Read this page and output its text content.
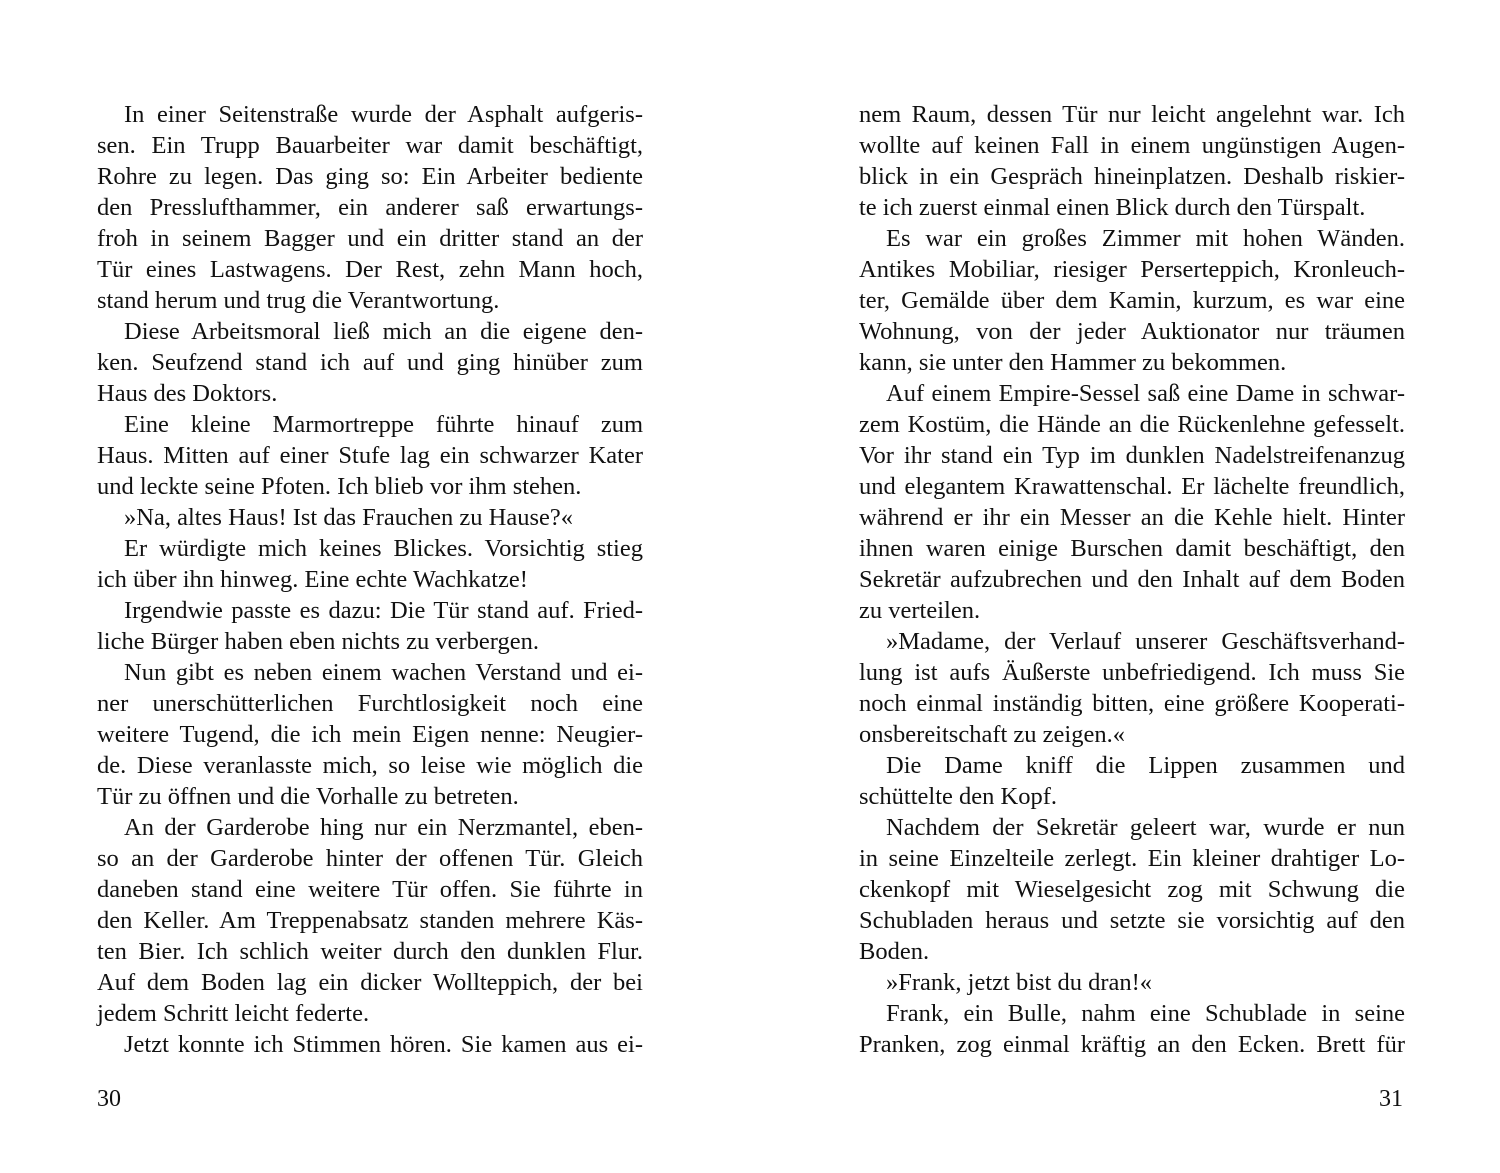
In einer Seitenstraße wurde der Asphalt aufgeris-
sen. Ein Trupp Bauarbeiter war damit beschäftigt,
Rohre zu legen. Das ging so: Ein Arbeiter bediente
den Presslufthammer, ein anderer saß erwartungs-
froh in seinem Bagger und ein dritter stand an der
Tür eines Lastwagens. Der Rest, zehn Mann hoch,
stand herum und trug die Verantwortung.
Diese Arbeitsmoral ließ mich an die eigene den-
ken. Seufzend stand ich auf und ging hinüber zum
Haus des Doktors.
Eine kleine Marmortreppe führte hinauf zum
Haus. Mitten auf einer Stufe lag ein schwarzer Kater
und leckte seine Pfoten. Ich blieb vor ihm stehen.
»Na, altes Haus! Ist das Frauchen zu Hause?«
Er würdigte mich keines Blickes. Vorsichtig stieg
ich über ihn hinweg. Eine echte Wachkatze!
Irgendwie passte es dazu: Die Tür stand auf. Fried-
liche Bürger haben eben nichts zu verbergen.
Nun gibt es neben einem wachen Verstand und ei-
ner unerschütterlichen Furchtlosigkeit noch eine
weitere Tugend, die ich mein Eigen nenne: Neugier-
de. Diese veranlasste mich, so leise wie möglich die
Tür zu öffnen und die Vorhalle zu betreten.
An der Garderobe hing nur ein Nerzmantel, eben-
so an der Garderobe hinter der offenen Tür. Gleich
daneben stand eine weitere Tür offen. Sie führte in
den Keller. Am Treppenabsatz standen mehrere Käs-
ten Bier. Ich schlich weiter durch den dunklen Flur.
Auf dem Boden lag ein dicker Wollteppich, der bei
jedem Schritt leicht federte.
Jetzt konnte ich Stimmen hören. Sie kamen aus ei-
30
nem Raum, dessen Tür nur leicht angelehnt war. Ich
wollte auf keinen Fall in einem ungünstigen Augen-
blick in ein Gespräch hineinplatzen. Deshalb riskier-
te ich zuerst einmal einen Blick durch den Türspalt.
Es war ein großes Zimmer mit hohen Wänden.
Antikes Mobiliar, riesiger Perserteppich, Kronleuch-
ter, Gemälde über dem Kamin, kurzum, es war eine
Wohnung, von der jeder Auktionator nur träumen
kann, sie unter den Hammer zu bekommen.
Auf einem Empire-Sessel saß eine Dame in schwar-
zem Kostüm, die Hände an die Rückenlehne gefesselt.
Vor ihr stand ein Typ im dunklen Nadelstreifenanzug
und elegantem Krawattenschal. Er lächelte freundlich,
während er ihr ein Messer an die Kehle hielt. Hinter
ihnen waren einige Burschen damit beschäftigt, den
Sekretär aufzubrechen und den Inhalt auf dem Boden
zu verteilen.
»Madame, der Verlauf unserer Geschäftsverhand-
lung ist aufs Äußerste unbefriedigend. Ich muss Sie
noch einmal inständig bitten, eine größere Kooperati-
onsbereitschaft zu zeigen.«
Die Dame kniff die Lippen zusammen und
schüttelte den Kopf.
Nachdem der Sekretär geleert war, wurde er nun
in seine Einzelteile zerlegt. Ein kleiner drahtiger Lo-
ckenkopf mit Wieselgesicht zog mit Schwung die
Schubladen heraus und setzte sie vorsichtig auf den
Boden.
»Frank, jetzt bist du dran!«
Frank, ein Bulle, nahm eine Schublade in seine
Pranken, zog einmal kräftig an den Ecken. Brett für
31
